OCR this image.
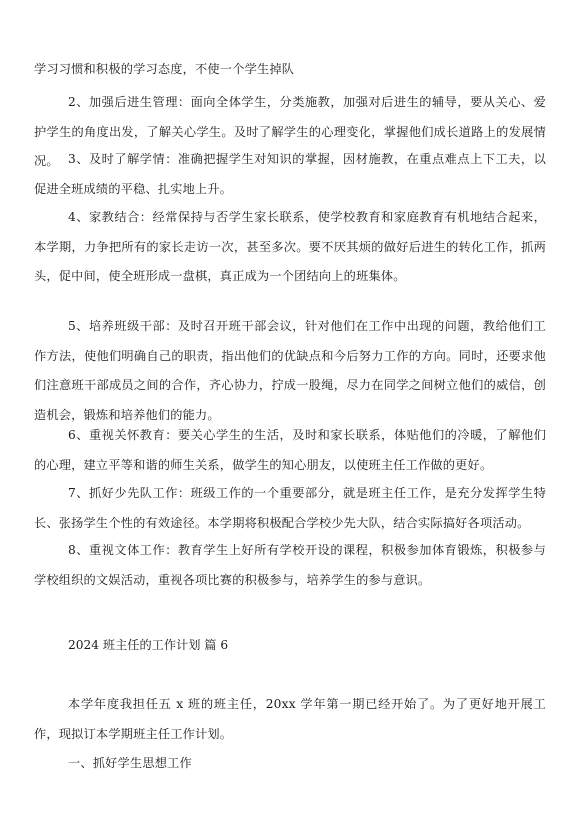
学习习惯和积极的学习态度，不使一个学生掉队

2、加强后进生管理：面向全体学生，分类施教，加强对后进生的辅导，要从关心、爱护学生的角度出发，了解关心学生。及时了解学生的心理变化，掌握他们成长道路上的发展情况。 3、及时了解学情：准确把握学生对知识的掌握，因材施教，在重点难点上下工夫，以促进全班成绩的平稳、扎实地上升。

4、家教结合：经常保持与否学生家长联系，使学校教育和家庭教育有机地结合起来，本学期，力争把所有的家长走访一次，甚至多次。要不厌其烦的做好后进生的转化工作，抓两头，促中间，使全班形成一盘棋，真正成为一个团结向上的班集体。

5、培养班级干部：及时召开班干部会议，针对他们在工作中出现的问题，教给他们工作方法，使他们明确自己的职责，指出他们的优缺点和今后努力工作的方向。同时，还要求他们注意班干部成员之间的合作，齐心协力，拧成一股绳，尽力在同学之间树立他们的威信，创造机会，锻炼和培养他们的能力。

6、重视关怀教育：要关心学生的生活，及时和家长联系，体贴他们的冷暖，了解他们的心理，建立平等和谐的师生关系，做学生的知心朋友，以使班主任工作做的更好。

7、抓好少先队工作：班级工作的一个重要部分，就是班主任工作，是充分发挥学生特长、张扬学生个性的有效途径。本学期将积极配合学校少先大队，结合实际搞好各项活动。

8、重视文体工作：教育学生上好所有学校开设的课程，积极参加体育锻炼，积极参与学校组织的文娱活动，重视各项比赛的积极参与，培养学生的参与意识。

2024 班主任的工作计划 篇 6

本学年度我担任五 x 班的班主任，20xx 学年第一期已经开始了。为了更好地开展工作，现拟订本学期班主任工作计划。

一、抓好学生思想工作
